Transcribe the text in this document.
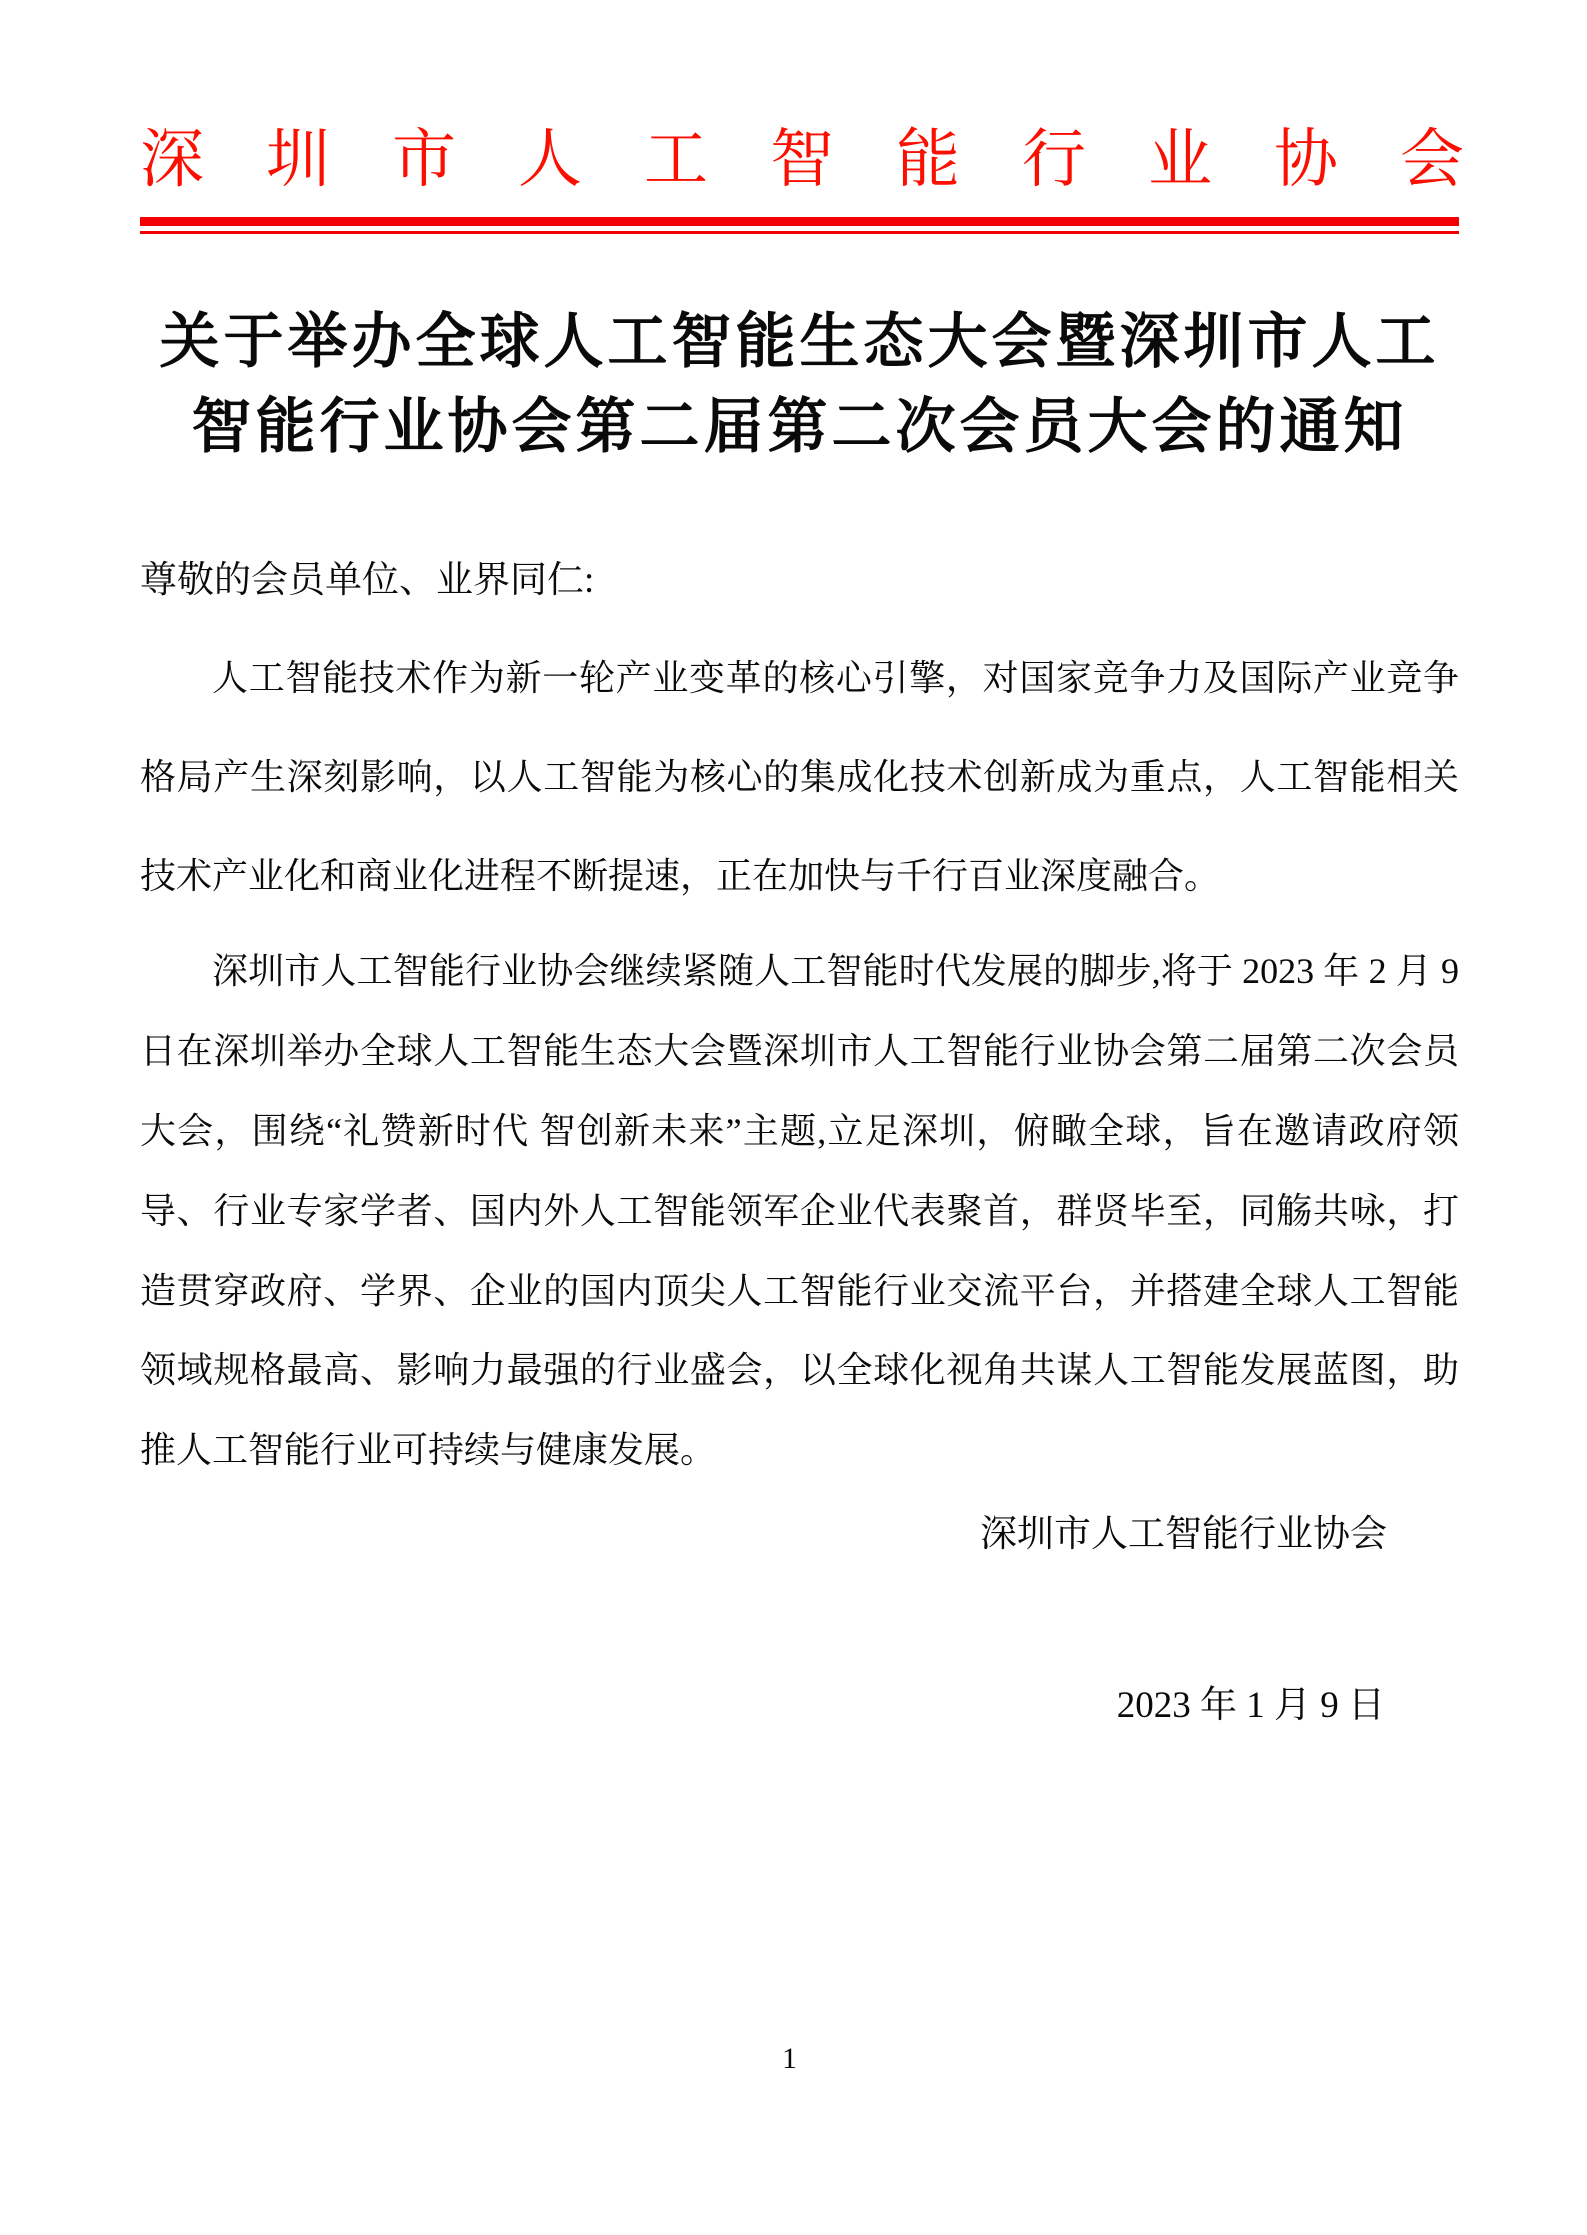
深圳市人工智能行业协会
关于举办全球人工智能生态大会暨深圳市人工
智能行业协会第二届第二次会员大会的通知
尊敬的会员单位、业界同仁:

人工智能技术作为新一轮产业变革的核心引擎，对国家竞争力及国际产业竞争格局产生深刻影响，以人工智能为核心的集成化技术创新成为重点，人工智能相关技术产业化和商业化进程不断提速，正在加快与千行百业深度融合。

深圳市人工智能行业协会继续紧随人工智能时代发展的脚步,将于 2023 年 2 月 9 日在深圳举办全球人工智能生态大会暨深圳市人工智能行业协会第二届第二次会员大会，围绕“礼赞新时代 智创新未来”主题,立足深圳，俯瞰全球，旨在邀请政府领导、行业专家学者、国内外人工智能领军企业代表聚首，群贤毕至，同觞共咏，打造贯穿政府、学界、企业的国内顶尖人工智能行业交流平台，并搭建全球人工智能领域规格最高、影响力最强的行业盛会，以全球化视角共谋人工智能发展蓝图，助推人工智能行业可持续与健康发展。

深圳市人工智能行业协会
2023 年 1 月 9 日
1
